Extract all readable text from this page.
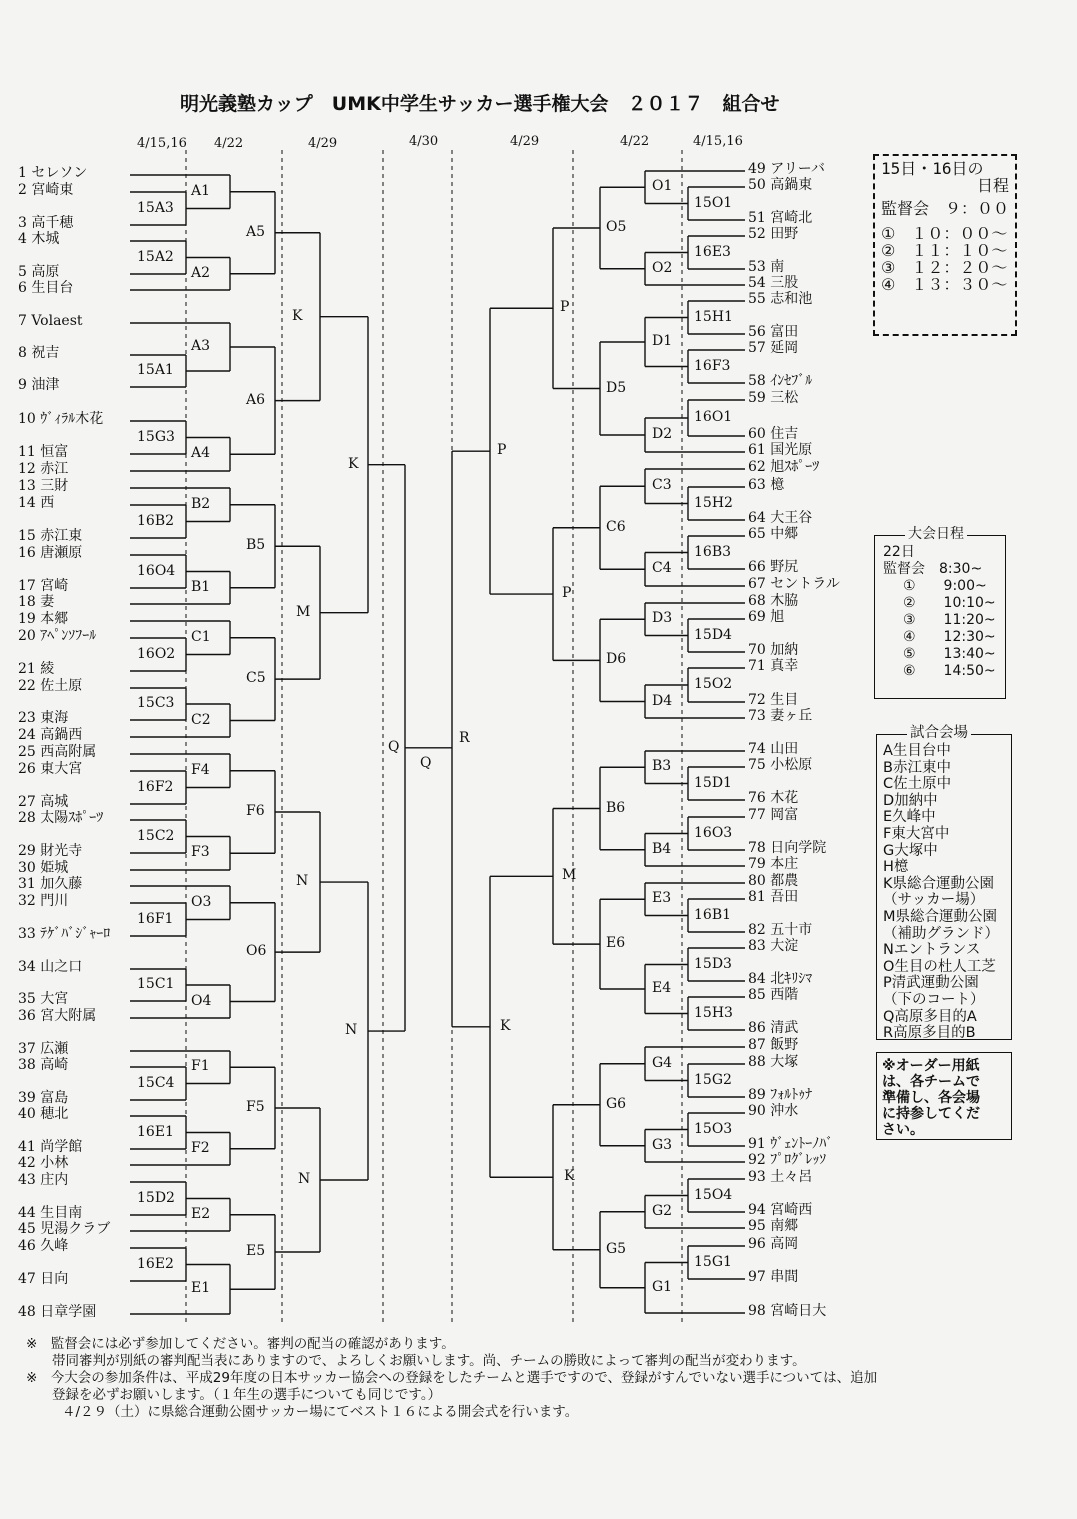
明光義塾カップ　UMK中学生サッカー選手権大会　２０１７　組合せ
4/15,16 4/22	4/29	4/30	4/29	4/22	4/15,16
1 セレソン
2 宮崎東
3 高千穂
4 木城
5 高原
6 生目台
7 Volaest
8 祝吉
9 油津
10 ｳﾞｨﾗﾙ木花
11 恒富
12 赤江
13 三財
14 西
15 赤江東
16 唐瀬原
17 宮崎
18 妻
19 本郷
20 ｱﾍﾟﾝｿﾌｰﾙ
21 綾
22 佐土原
23 東海
24 高鍋西
25 西高附属
26 東大宮
27 高城
28 太陽ｽﾎﾟｰﾂ
29 財光寺
30 姫城
31 加久藤
32 門川
33 ﾃｹﾞﾊﾞｼﾞｬｰﾛ
34 山之口
35 大宮
36 宮大附属
37 広瀬
38 高崎
39 富島
40 穂北
41 尚学館
42 小林
43 庄内
44 生目南
45 児湯クラブ
46 久峰
47 日向
48 日章学園
49 アリーバ
50 高鍋東
51 宮崎北
52 田野
53 南
54 三股
55 志和池
56 富田
57 延岡
58 ｲﾝｾﾌﾞﾙ
59 三松
60 住吉
61 国光原
62 旭ｽﾎﾟｰﾂ
63 檍
64 大王谷
65 中郷
66 野尻
67 セントラル
68 木脇
69 旭
70 加納
71 真幸
72 生目
73 妻ヶ丘
74 山田
75 小松原
76 木花
77 岡富
78 日向学院
79 本庄
80 都農
81 吾田
82 五十市
83 大淀
84 北ｷﾘｼﾏ
85 西階
86 清武
87 飯野
88 大塚
89 ﾌｫﾙﾄｩﾅ
90 沖水
91 ｳﾞｪﾝﾄｰﾉﾊﾞ
92 ﾌﾟﾛｸﾞﾚｯｿ
93 土々呂
94 宮崎西
95 南郷
96 高岡
97 串間
98 宮崎日大
15A3
15A2
15A1
15G3
16B2
16O4
16O2
15C3
16F2
15C2
16F1
15C1
15C4
16E1
15D2
16E2
A1
A2
A3
A4
B2
B1
C1
C2
F4
F3
O3
O4
F1
F2
E2
E1
A5
A6
B5
C5
F6
O6
F5
E5
K
K
M
N
N
N
Q
Q
R
P
P
P
M
K
K
O5
D5
C6
D6
B6
E6
G6
G5
O1
O2
D1
D2
C3
C4
D3
D4
B3
B4
E3
E4
G4
G3
G2
G1
15O1
16E3
15H1
16F3
16O1
15H2
16B3
15D4
15O2
15D1
16O3
16B1
15D3
15H3
15G2
15O3
15O4
15G1
15日・16日の
日程
監督会　９：００
①　１０：００～
②　１１：１０～
③　１２：２０～
④　１３：３０～
大会日程
22日
監督会　8:30~
①　　9:00~
②　　10:10~
③　　11:20~
④　　12:30~
⑤　　13:40~
⑥　　14:50~
試合会場
A生目台中
B赤江東中
C佐土原中
D加納中
E久峰中
F東大宮中
G大塚中
H檍
K県総合運動公園
（サッカー場）
M県総合運動公園
（補助グランド）
Nエントランス
O生目の杜人工芝
P清武運動公園
（下のコート）
Q高原多目的A
R高原多目的B
※オーダー用紙
は、各チームで
準備し、各会場
に持参してくだ
さい。
※　監督会には必ず参加してください。審判の配当の確認があります。
帯同審判が別紙の審判配当表にありますので、よろしくお願いします。尚、チームの勝敗によって審判の配当が変わります。
※　今大会の参加条件は、平成29年度の日本サッカー協会への登録をしたチームと選手ですので、登録がすんでいない選手については、追加
登録を必ずお願いします。（１年生の選手についても同じです。）
４/２９（土）に県総合運動公園サッカー場にてベスト１６による開会式を行います。
